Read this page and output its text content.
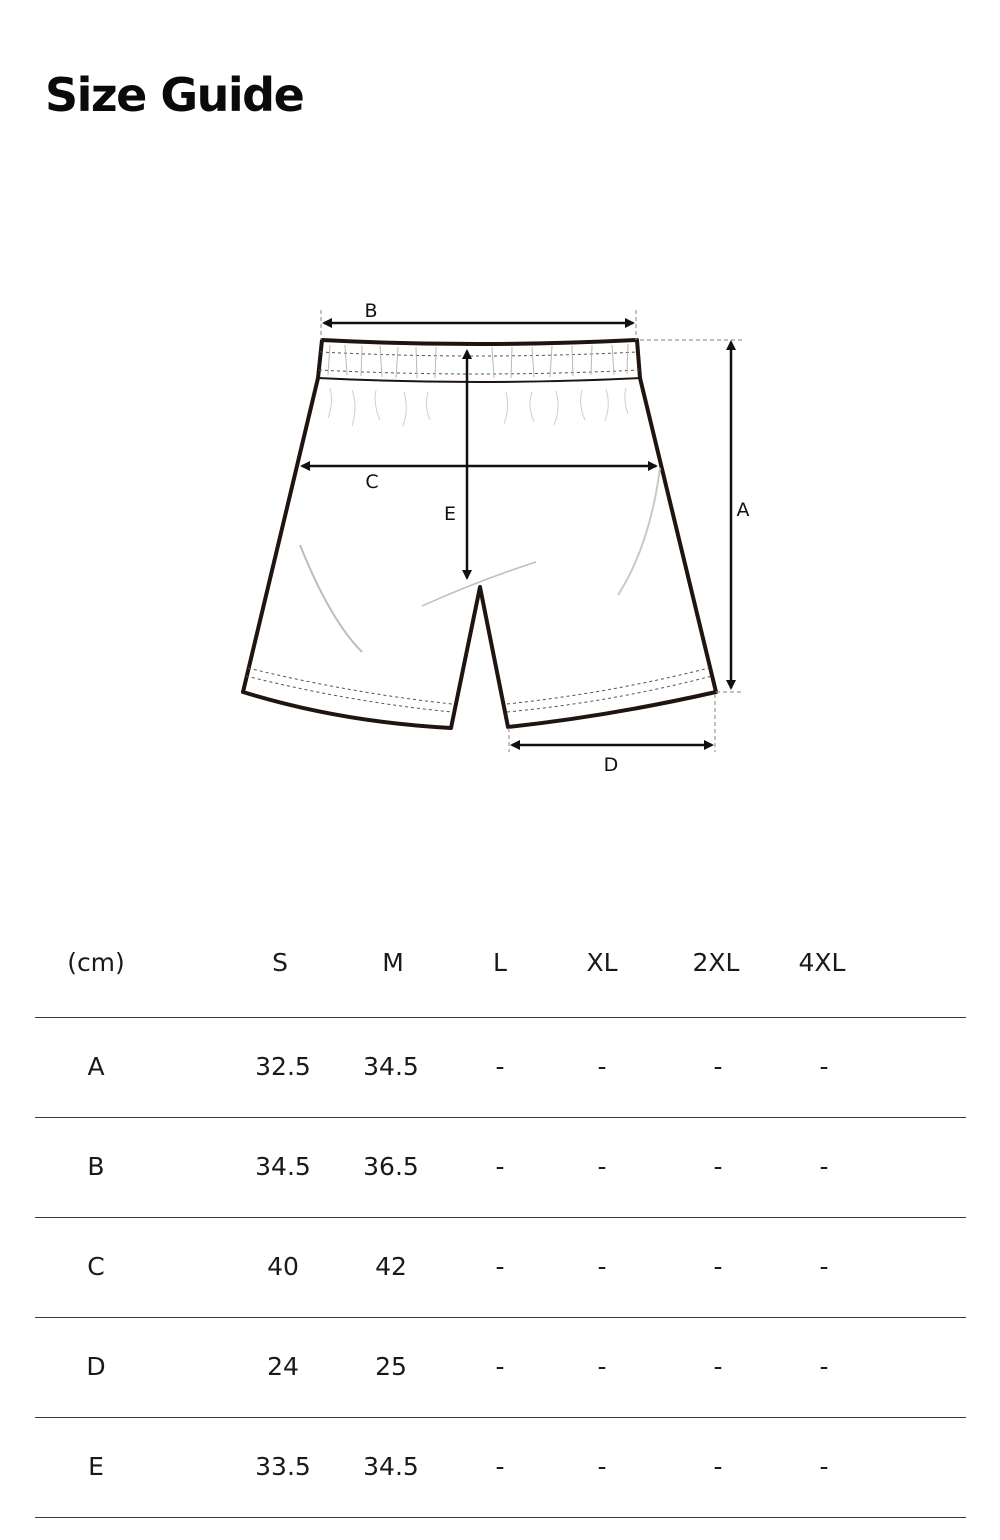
Size Guide
B
C
E	A
D
(cm)	S	M	L	XL	2XL	4XL
A	32.5	34.5	-	-	-	-
B	34.5	36.5	-	-	-	-
C	40	42	-	-	-	-
D	24	25	-	-	-	-
E	33.5	34.5	-	-	-	-
